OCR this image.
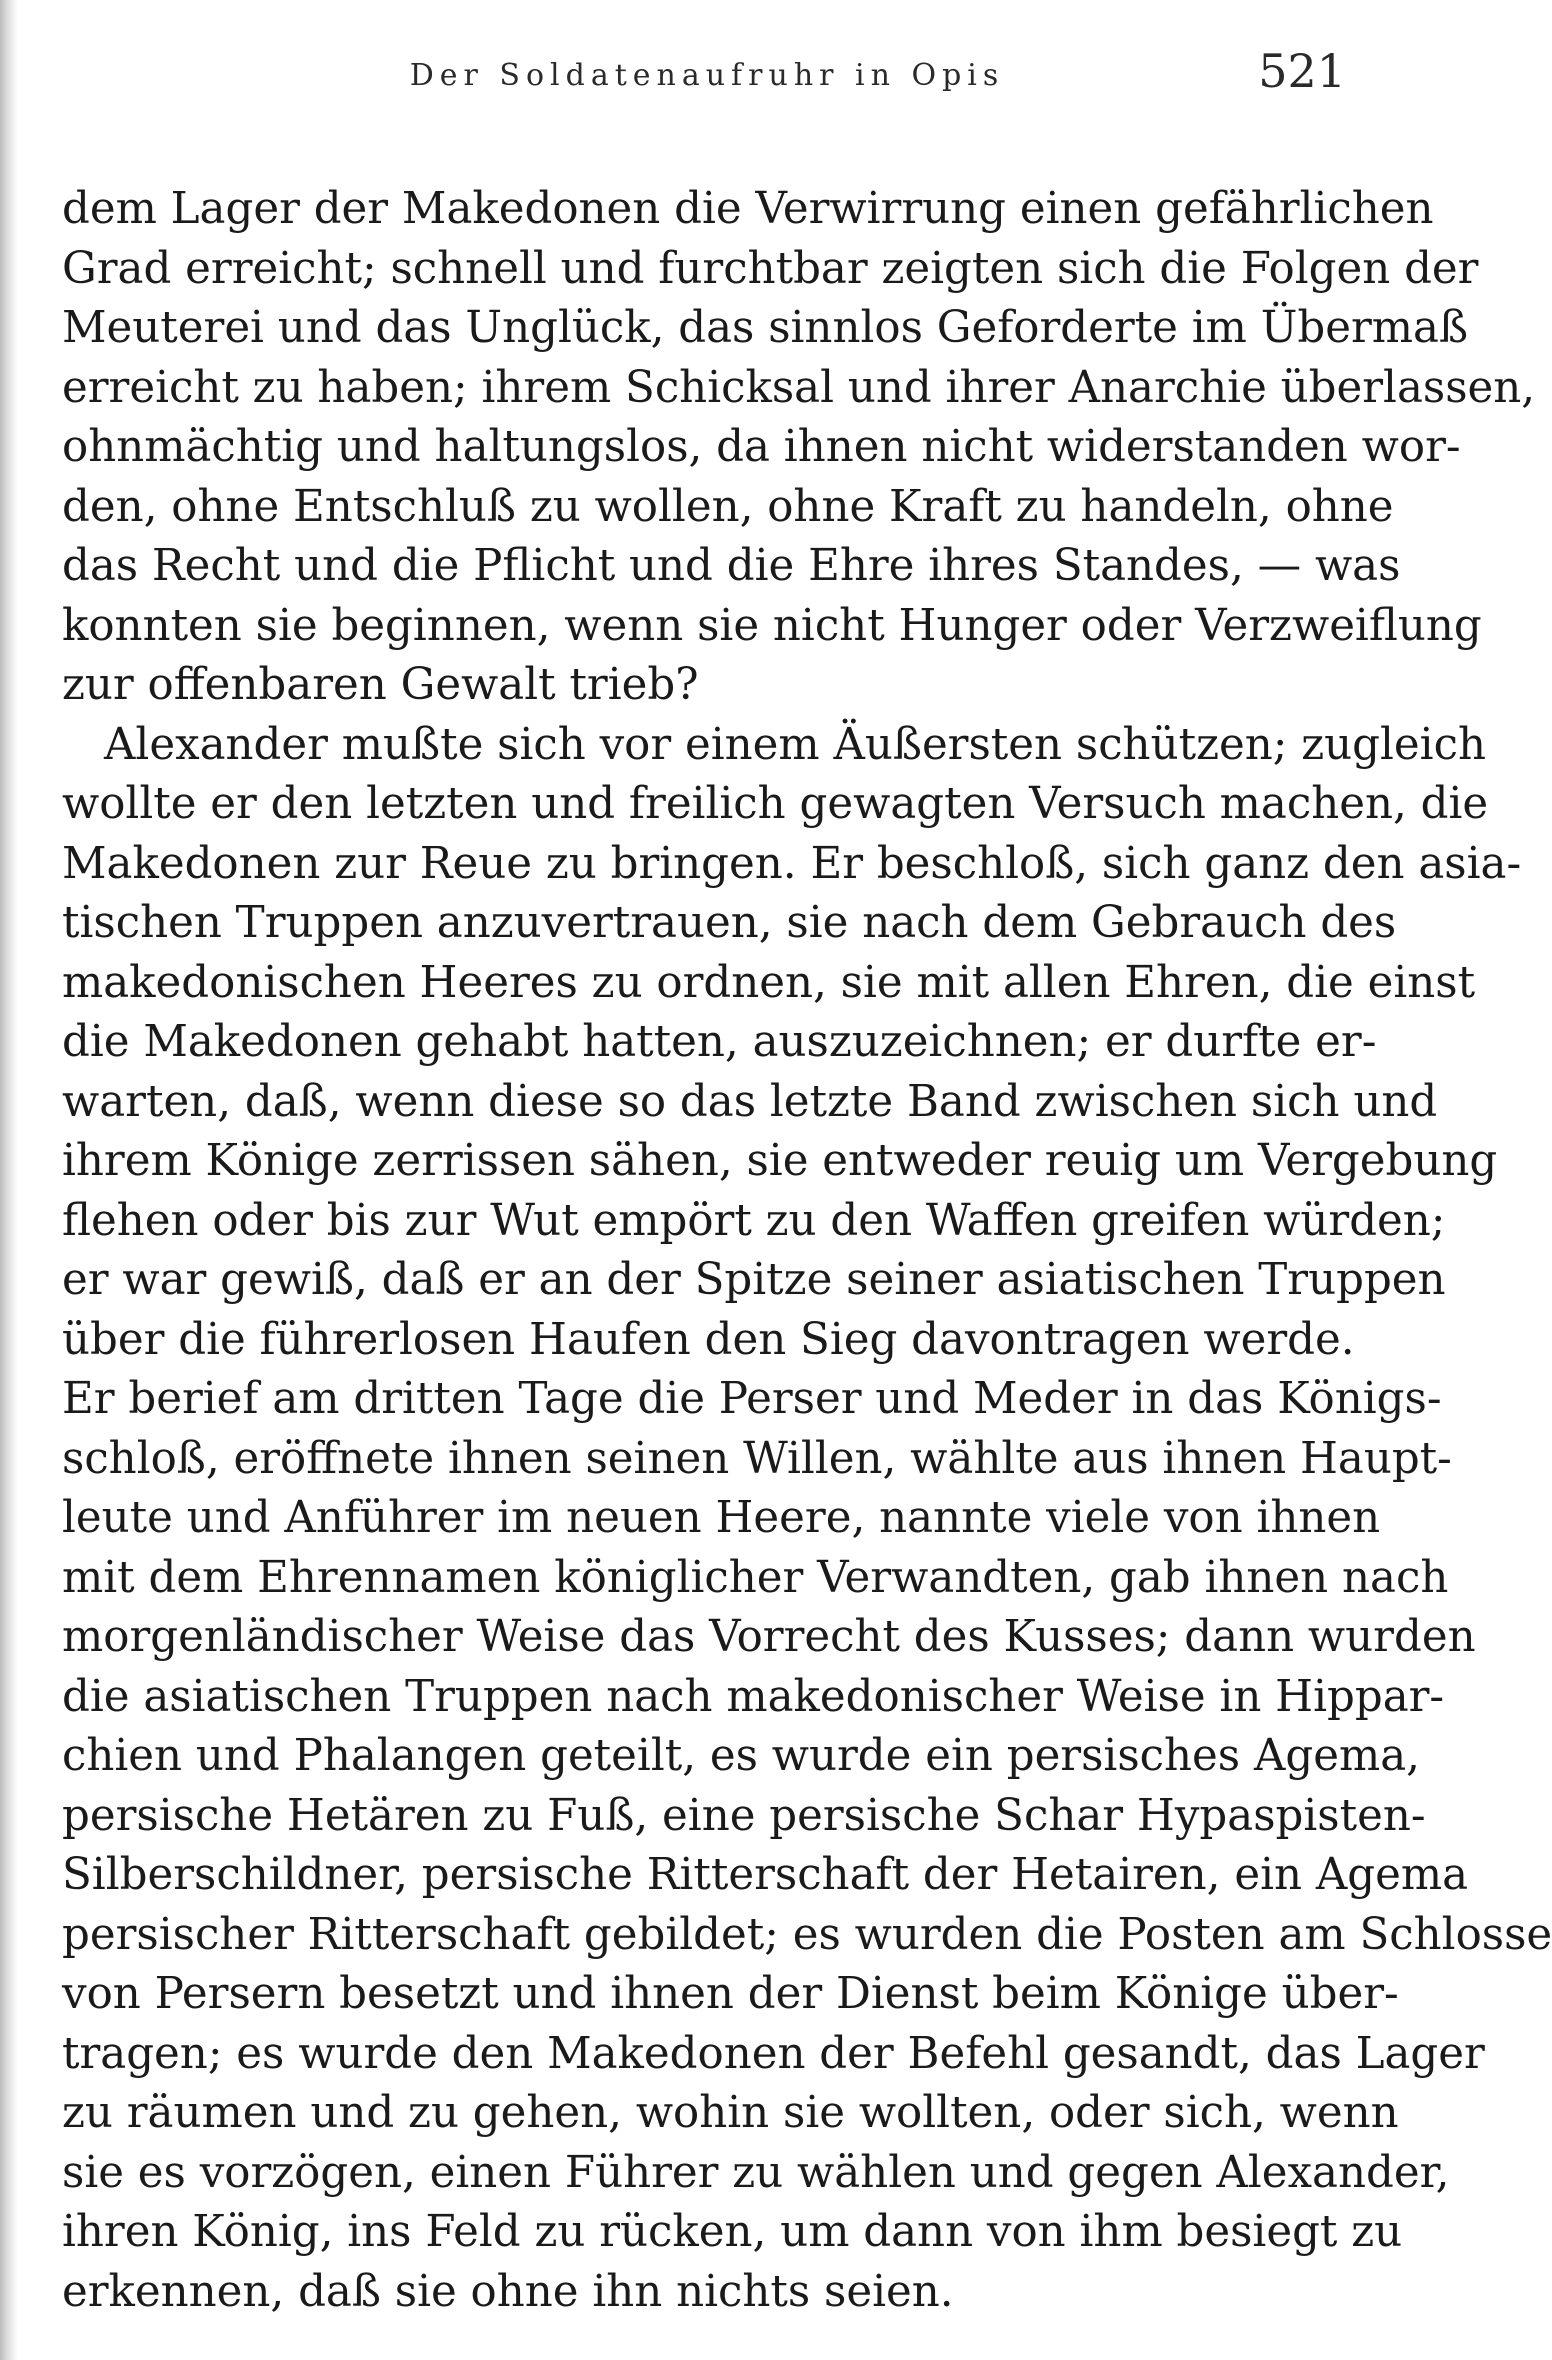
Der Soldatenaufruhr in Opis	521
dem Lager der Makedonen die Verwirrung einen gefährlichen
Grad erreicht; schnell und furchtbar zeigten sich die Folgen der
Meuterei und das Unglück, das sinnlos Geforderte im Übermaß
erreicht zu haben; ihrem Schicksal und ihrer Anarchie überlassen,
ohnmächtig und haltungslos, da ihnen nicht widerstanden wor-
den, ohne Entschluß zu wollen, ohne Kraft zu handeln, ohne
das Recht und die Pflicht und die Ehre ihres Standes, — was
konnten sie beginnen, wenn sie nicht Hunger oder Verzweiflung
zur offenbaren Gewalt trieb?
Alexander mußte sich vor einem Äußersten schützen; zugleich
wollte er den letzten und freilich gewagten Versuch machen, die
Makedonen zur Reue zu bringen. Er beschloß, sich ganz den asia-
tischen Truppen anzuvertrauen, sie nach dem Gebrauch des
makedonischen Heeres zu ordnen, sie mit allen Ehren, die einst
die Makedonen gehabt hatten, auszuzeichnen; er durfte er-
warten, daß, wenn diese so das letzte Band zwischen sich und
ihrem Könige zerrissen sähen, sie entweder reuig um Vergebung
flehen oder bis zur Wut empört zu den Waffen greifen würden;
er war gewiß, daß er an der Spitze seiner asiatischen Truppen
über die führerlosen Haufen den Sieg davontragen werde.
Er berief am dritten Tage die Perser und Meder in das Königs-
schloß, eröffnete ihnen seinen Willen, wählte aus ihnen Haupt-
leute und Anführer im neuen Heere, nannte viele von ihnen
mit dem Ehrennamen königlicher Verwandten, gab ihnen nach
morgenländischer Weise das Vorrecht des Kusses; dann wurden
die asiatischen Truppen nach makedonischer Weise in Hippar-
chien und Phalangen geteilt, es wurde ein persisches Agema,
persische Hetären zu Fuß, eine persische Schar Hypaspisten-
Silberschildner, persische Ritterschaft der Hetairen, ein Agema
persischer Ritterschaft gebildet; es wurden die Posten am Schlosse
von Persern besetzt und ihnen der Dienst beim Könige über-
tragen; es wurde den Makedonen der Befehl gesandt, das Lager
zu räumen und zu gehen, wohin sie wollten, oder sich, wenn
sie es vorzögen, einen Führer zu wählen und gegen Alexander,
ihren König, ins Feld zu rücken, um dann von ihm besiegt zu
erkennen, daß sie ohne ihn nichts seien.
